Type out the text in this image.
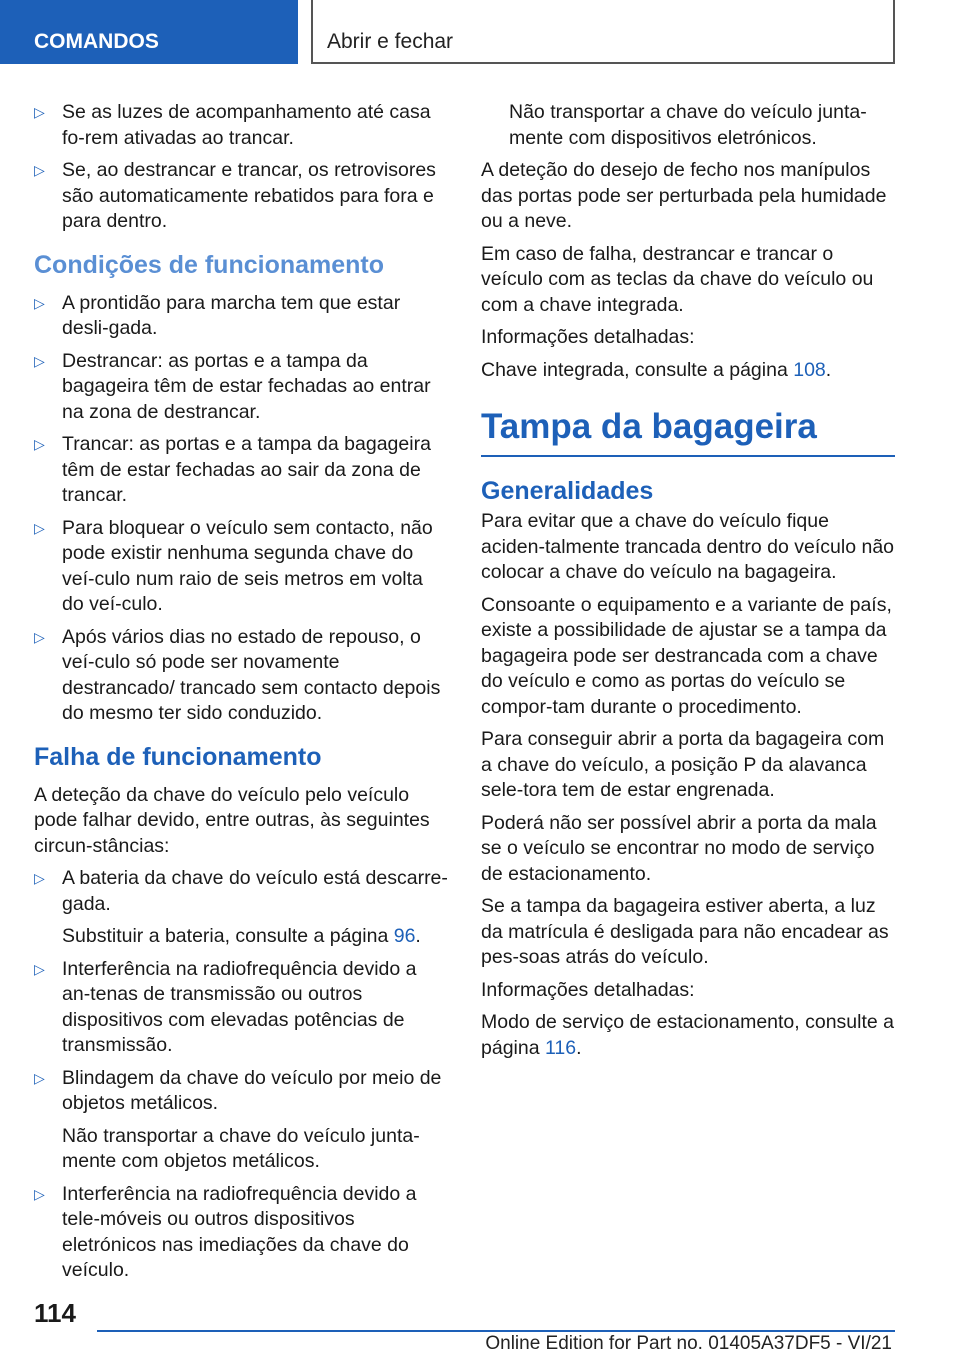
COMANDOS	Abrir e fechar
▷ Se as luzes de acompanhamento até casa fo‐rem ativadas ao trancar.
▷ Se, ao destrancar e trancar, os retrovisores são automaticamente rebatidos para fora e para dentro.
Condições de funcionamento
▷ A prontidão para marcha tem que estar desli‐gada.
▷ Destrancar: as portas e a tampa da bagageira têm de estar fechadas ao entrar na zona de destrancar.
▷ Trancar: as portas e a tampa da bagageira têm de estar fechadas ao sair da zona de trancar.
▷ Para bloquear o veículo sem contacto, não pode existir nenhuma segunda chave do veí‐culo num raio de seis metros em volta do veí‐culo.
▷ Após vários dias no estado de repouso, o veí‐culo só pode ser novamente destrancado/ trancado sem contacto depois do mesmo ter sido conduzido.
Falha de funcionamento

A deteção da chave do veículo pelo veículo pode falhar devido, entre outras, às seguintes circun‐stâncias:

▷ A bateria da chave do veículo está descarre‐gada.
Substituir a bateria, consulte a página 96.
▷ Interferência na radiofrequência devido a an‐tenas de transmissão ou outros dispositivos com elevadas potências de transmissão.
▷ Blindagem da chave do veículo por meio de objetos metálicos.
Não transportar a chave do veículo junta‐mente com objetos metálicos.
▷ Interferência na radiofrequência devido a tele‐móveis ou outros dispositivos eletrónicos nas imediações da chave do veículo.

Não transportar a chave do veículo junta‐mente com dispositivos eletrónicos.

A deteção do desejo de fecho nos manípulos das portas pode ser perturbada pela humidade ou a neve.

Em caso de falha, destrancar e trancar o veículo com as teclas da chave do veículo ou com a chave integrada.

Informações detalhadas:

Chave integrada, consulte a página 108.

Tampa da bagageira
Generalidades

Para evitar que a chave do veículo fique aciden‐talmente trancada dentro do veículo não colocar a chave do veículo na bagageira.

Consoante o equipamento e a variante de país, existe a possibilidade de ajustar se a tampa da bagageira pode ser destrancada com a chave do veículo e como as portas do veículo se compor‐tam durante o procedimento.

Para conseguir abrir a porta da bagageira com a chave do veículo, a posição P da alavanca sele‐tora tem de estar engrenada.

Poderá não ser possível abrir a porta da mala se o veículo se encontrar no modo de serviço de estacionamento.

Se a tampa da bagageira estiver aberta, a luz da matrícula é desligada para não encadear as pes‐soas atrás do veículo.

Informações detalhadas:

Modo de serviço de estacionamento, consulte a página 116.

114
Online Edition for Part no. 01405A37DF5 - VI/21
